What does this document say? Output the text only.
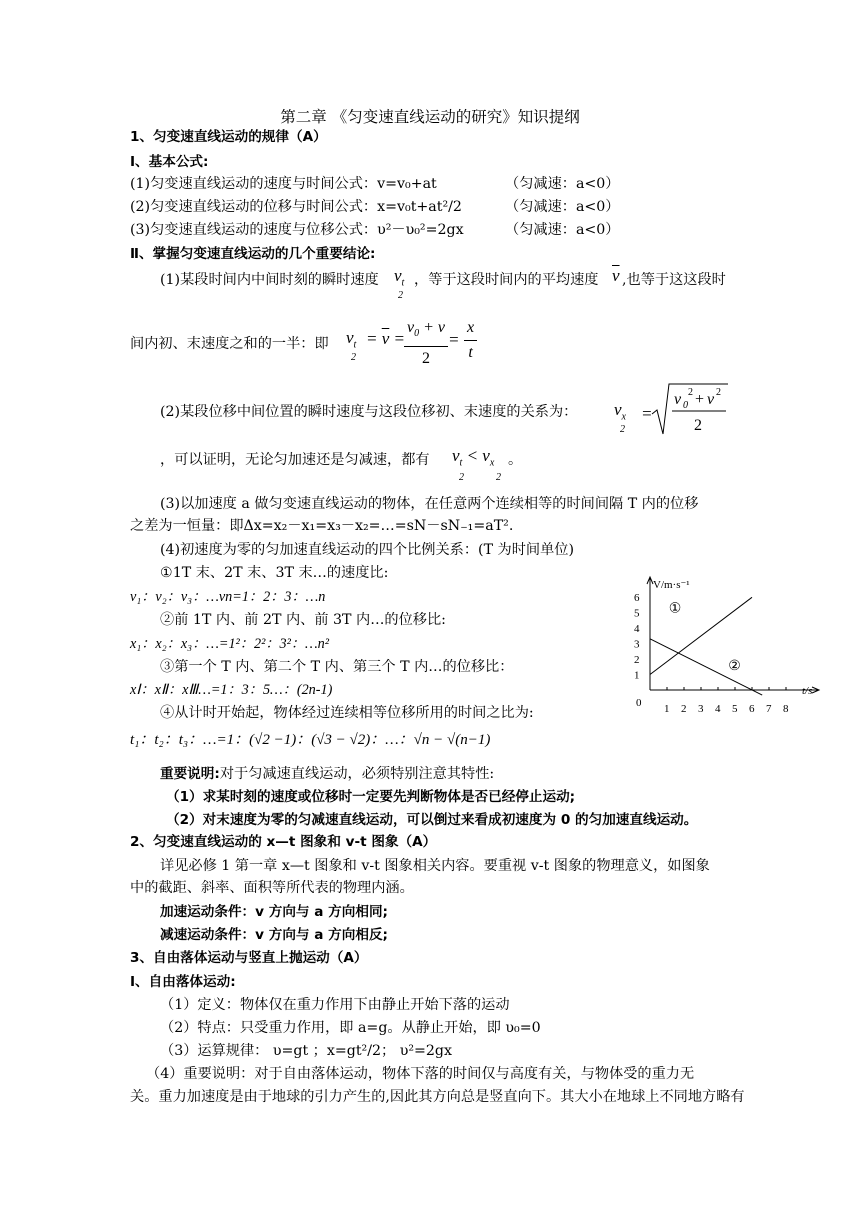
第二章 《匀变速直线运动的研究》知识提纲
1、匀变速直线运动的规律（A）
Ⅰ、基本公式:
(1)匀变速直线运动的速度与时间公式：v=v₀+at	（匀减速：a<0）
(2)匀变速直线运动的位移与时间公式：x=v₀t+at²/2	（匀减速：a<0）
(3)匀变速直线运动的速度与位移公式：υ²－υ₀²=2gx	（匀减速：a<0）
Ⅱ、掌握匀变速直线运动的几个重要结论:
(1)某段时间内中间时刻的瞬时速度 $v_t$
2
，等于这段时间内的平均速度 $\overline{v}$ ,也等于这这段时
间内初、末速度之和的一半：即 $v_t$
2
= $\overline{v}$ =
$\frac{v_0 + v}{2} = \frac{x}{t}$
(2)某段位移中间位置的瞬时速度与这段位移初、末速度的关系为： $v_x$
2
=
v 0
2 + v 2
2
，可以证明，无论匀加速还是匀减速，都有 $v_t < v_x$
2	2
。
(3)以加速度 a 做匀变速直线运动的物体，在任意两个连续相等的时间间隔 T 内的位移
之差为一恒量：即Δx=x₂－x₁=x₃－x₂=…=sN－sN₋₁=aT².
(4)初速度为零的匀加速直线运动的四个比例关系：(T 为时间单位)
①1T 末、2T 末、3T 末…的速度比:
v₁：v₂：v₃：…vn=1：2：3：…n
②前 1T 内、前 2T 内、前 3T 内…的位移比:
x₁：x₂：x₃：…=1²：2²：3²：…n²
③第一个 T 内、第二个 T 内、第三个 T 内…的位移比：
xⅠ：xⅡ：xⅢ…=1：3：5…：(2n-1)
④从计时开始起，物体经过连续相等位移所用的时间之比为:
t₁：t₂：t₃：…=1：(√2 −1)：(√3 − √2)：…：√n − √(n−1)
V/m·s⁻¹
t/s
0
1
2
3
4
5
6
1 2 3 4 5 6 7 8
①
②
重要说明:对于匀减速直线运动，必须特别注意其特性:
（1）求某时刻的速度或位移时一定要先判断物体是否已经停止运动;
（2）对末速度为零的匀减速直线运动，可以倒过来看成初速度为 0 的匀加速直线运动。
2、匀变速直线运动的 x—t 图象和 v-t 图象（A）
详见必修 1 第一章 x—t 图象和 v-t 图象相关内容。要重视 v-t 图象的物理意义，如图象
中的截距、斜率、面积等所代表的物理内涵。
加速运动条件：v 方向与 a 方向相同;
减速运动条件：v 方向与 a 方向相反;
3、自由落体运动与竖直上抛运动（A）
Ⅰ、自由落体运动:
（1）定义：物体仅在重力作用下由静止开始下落的运动
（2）特点：只受重力作用，即 a=g。从静止开始，即 υ₀=0
（3）运算规律： υ=gt ；x=gt²/2； υ²=2gx
（4）重要说明：对于自由落体运动，物体下落的时间仅与高度有关，与物体受的重力无
关。重力加速度是由于地球的引力产生的,因此其方向总是竖直向下。其大小在地球上不同地方略有
